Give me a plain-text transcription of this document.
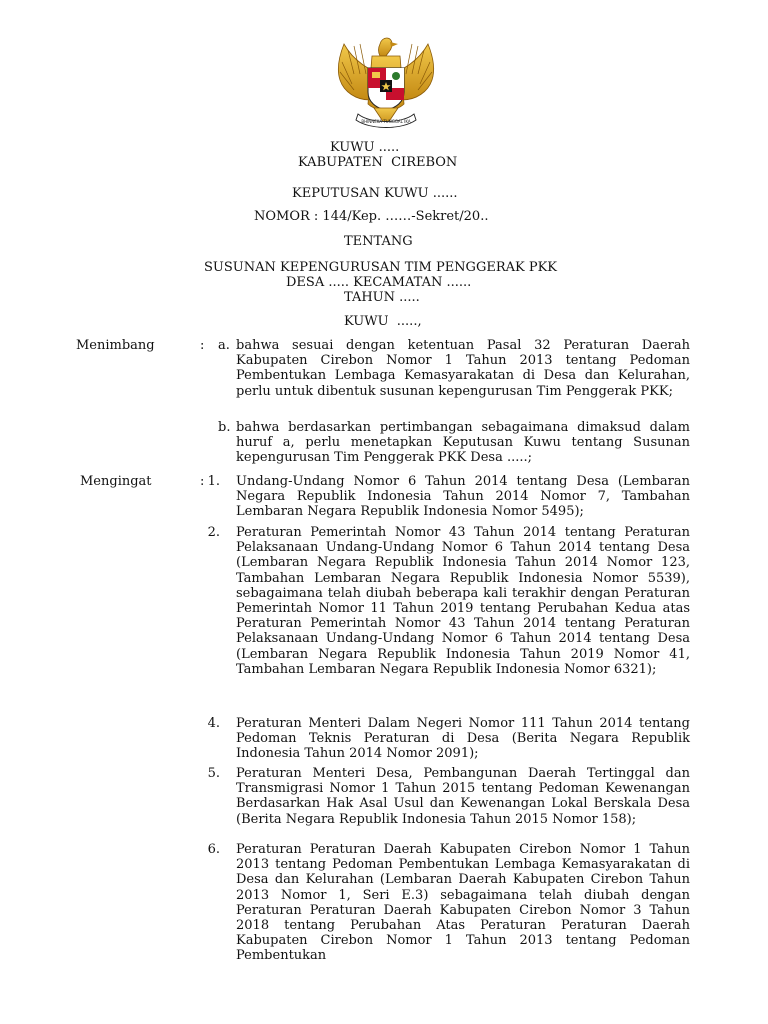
BHINNEKA TUNGGAL IKA
KUWU .....
KABUPATEN  CIREBON
KEPUTUSAN KUWU ......
NOMOR : 144/Kep. ……-Sekret/20..
TENTANG
SUSUNAN KEPENGURUSAN TIM PENGGERAK PKK
DESA ..... KECAMATAN ......
TAHUN .....
KUWU  .....,
Menimbang	: a. bahwa sesuai dengan ketentuan Pasal 32 Peraturan Daerah Kabupaten Cirebon Nomor 1 Tahun 2013 tentang Pedoman Pembentukan Lembaga Kemasyarakatan di Desa dan Kelurahan, perlu untuk dibentuk susunan kepengurusan Tim Penggerak PKK;

b. bahwa berdasarkan pertimbangan sebagaimana dimaksud dalam huruf a, perlu menetapkan Keputusan Kuwu tentang Susunan kepengurusan Tim Penggerak PKK Desa .....;

Mengingat	: 1. Undang-Undang Nomor 6 Tahun 2014 tentang Desa (Lembaran Negara Republik Indonesia Tahun 2014 Nomor 7, Tambahan Lembaran Negara Republik Indonesia Nomor 5495);

2. Peraturan Pemerintah Nomor 43 Tahun 2014 tentang Peraturan Pelaksanaan Undang-Undang Nomor 6 Tahun 2014 tentang Desa (Lembaran Negara Republik Indonesia Tahun 2014 Nomor 123, Tambahan Lembaran Negara Republik Indonesia Nomor 5539), sebagaimana telah diubah beberapa kali terakhir dengan Peraturan Pemerintah Nomor 11 Tahun 2019 tentang Perubahan Kedua atas Peraturan Pemerintah Nomor 43 Tahun 2014 tentang Peraturan Pelaksanaan Undang-Undang Nomor 6 Tahun 2014 tentang Desa (Lembaran Negara Republik Indonesia Tahun 2019 Nomor 41, Tambahan Lembaran Negara Republik Indonesia Nomor 6321);

4. Peraturan Menteri Dalam Negeri Nomor 111 Tahun 2014 tentang Pedoman Teknis Peraturan di Desa (Berita Negara Republik Indonesia Tahun 2014 Nomor 2091);

5. Peraturan Menteri Desa, Pembangunan Daerah Tertinggal dan Transmigrasi Nomor 1 Tahun 2015 tentang Pedoman Kewenangan Berdasarkan Hak Asal Usul dan Kewenangan Lokal Berskala Desa (Berita Negara Republik Indonesia Tahun 2015 Nomor 158);

6. Peraturan Peraturan Daerah Kabupaten Cirebon Nomor 1 Tahun 2013 tentang Pedoman Pembentukan Lembaga Kemasyarakatan di Desa dan Kelurahan (Lembaran Daerah Kabupaten Cirebon Tahun 2013 Nomor 1, Seri E.3) sebagaimana telah diubah dengan Peraturan Peraturan Daerah Kabupaten Cirebon Nomor 3 Tahun 2018 tentang Perubahan Atas Peraturan Peraturan Daerah Kabupaten Cirebon Nomor 1 Tahun 2013 tentang Pedoman Pembentukan
